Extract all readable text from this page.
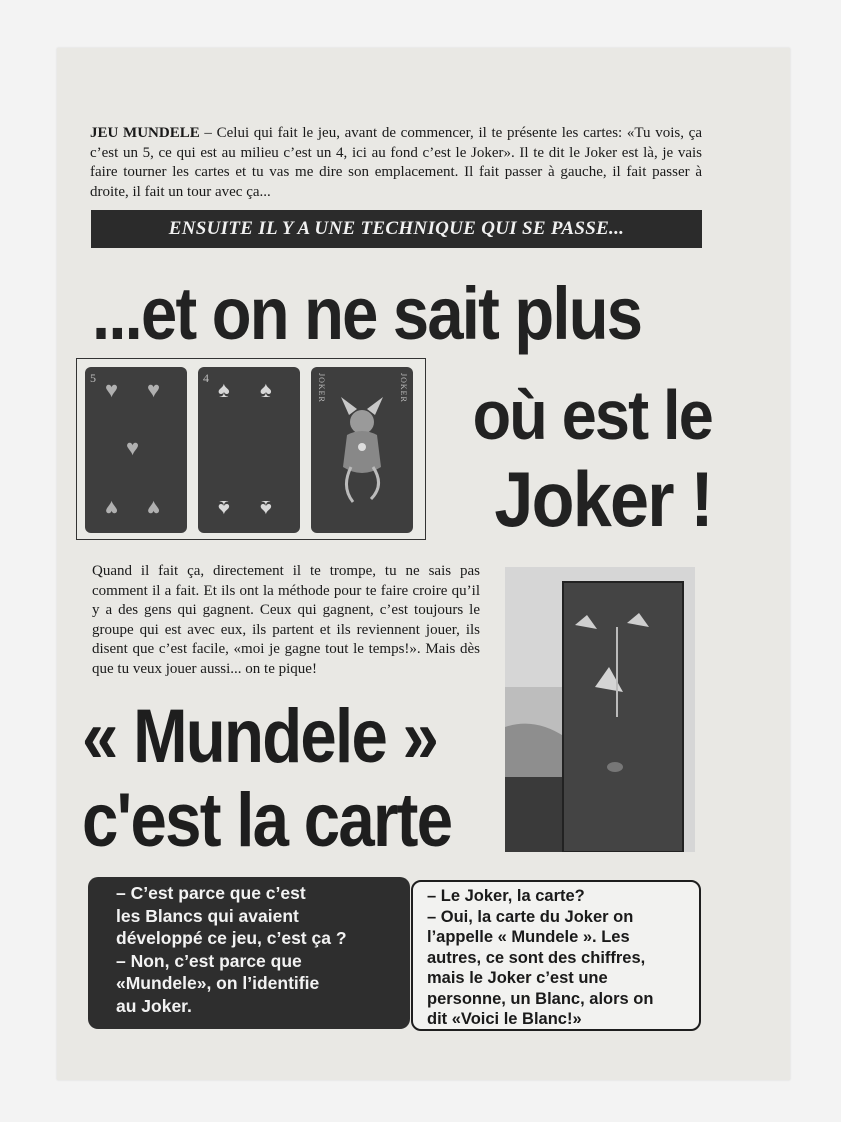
JEU MUNDELE – Celui qui fait le jeu, avant de commencer, il te présente les cartes: «Tu vois, ça c’est un 5, ce qui est au milieu c’est un 4, ici au fond c’est le Joker». Il te dit le Joker est là, je vais faire tourner les cartes et tu vas me dire son emplacement. Il fait passer à gauche, il fait passer à droite, il fait un tour avec ça...

ENSUITE IL Y A UNE TECHNIQUE QUI SE PASSE...
...et on ne sait plus
où est le
Joker !
5 ♥ ♥
♥
♥ ♥
4 ♠ ♠
♠ ♠
JOKER	JOKER

Quand il fait ça, directement il te trompe, tu ne sais pas comment il a fait. Et ils ont la méthode pour te faire croire qu’il y a des gens qui gagnent. Ceux qui gagnent, c’est toujours le groupe qui est avec eux, ils partent et ils reviennent jouer, ils disent que c’est facile, «moi je gagne tout le temps!». Mais dès que tu veux jouer aussi... on te pique!

« Mundele »
c'est la carte
– C’est parce que c’est
les Blancs qui avaient
développé ce jeu, c’est ça ?
– Non, c’est parce que
«Mundele», on l’identifie
au Joker.
– Le Joker, la carte?
– Oui, la carte du Joker on
l’appelle « Mundele ». Les
autres, ce sont des chiffres,
mais le Joker c’est une
personne, un Blanc, alors on
dit «Voici le Blanc!»
